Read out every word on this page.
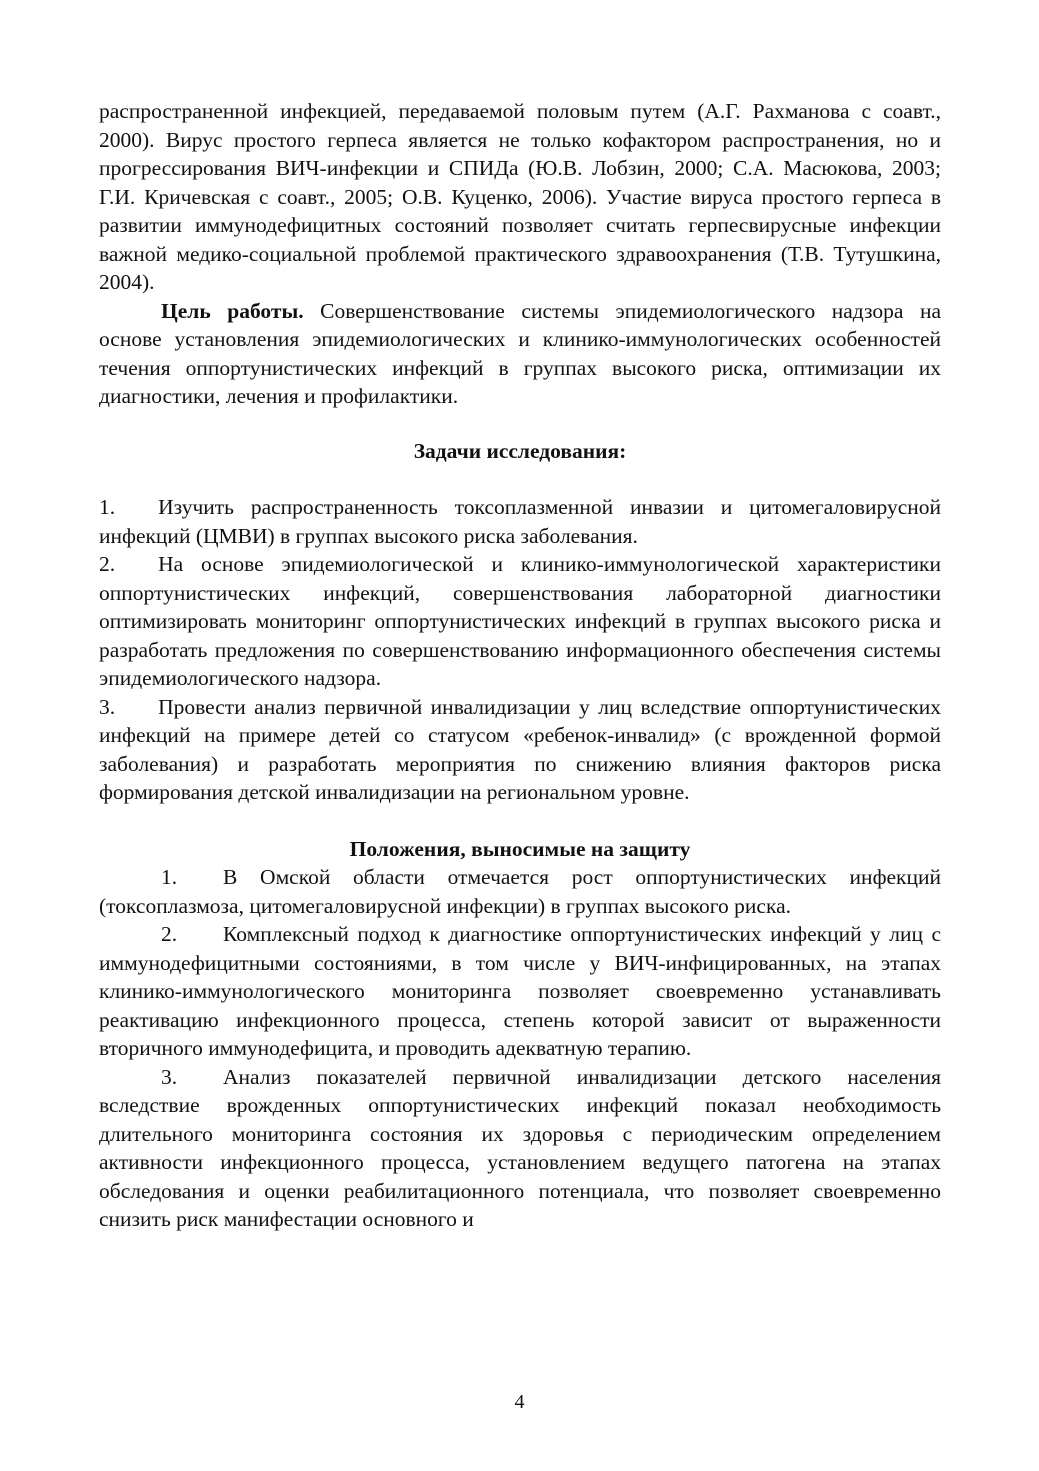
распространенной инфекцией, передаваемой половым путем (А.Г. Рахманова с соавт., 2000). Вирус простого герпеса является не только кофактором распространения, но и прогрессирования ВИЧ-инфекции и СПИДа (Ю.В. Лобзин, 2000; С.А. Масюкова, 2003; Г.И. Кричевская с соавт., 2005; О.В. Куценко, 2006). Участие вируса простого герпеса в развитии иммунодефицитных состояний позволяет считать герпесвирусные инфекции важной медико-социальной проблемой практического здравоохранения (Т.В. Тутушкина, 2004).

Цель работы. Совершенствование системы эпидемиологического надзора на основе установления эпидемиологических и клинико-иммунологических особенностей течения оппортунистических инфекций в группах высокого риска, оптимизации их диагностики, лечения и профилактики.

Задачи исследования:

1.  Изучить распространенность токсоплазменной инвазии и цитомегаловирусной инфекций (ЦМВИ) в группах высокого риска заболевания.

2.  На основе эпидемиологической и клинико-иммунологической характеристики оппортунистических инфекций, совершенствования лабораторной диагностики оптимизировать мониторинг оппортунистических инфекций в группах высокого риска и разработать предложения по совершенствованию информационного обеспечения системы эпидемиологического надзора.

3.  Провести анализ первичной инвалидизации у лиц вследствие оппортунистических инфекций на примере детей со статусом «ребенок-инвалид» (с врожденной формой заболевания) и разработать мероприятия по снижению влияния факторов риска формирования детской инвалидизации на региональном уровне.

Положения, выносимые на защиту

1. В Омской области отмечается рост оппортунистических инфекций (токсоплазмоза, цитомегаловирусной инфекции) в группах высокого риска.

2. Комплексный подход к диагностике оппортунистических инфекций у лиц с иммунодефицитными состояниями, в том числе у ВИЧ-инфицированных, на этапах клинико-иммунологического мониторинга позволяет своевременно устанавливать реактивацию инфекционного процесса, степень которой зависит от выраженности вторичного иммунодефицита, и проводить адекватную терапию.

3. Анализ показателей первичной инвалидизации детского населения вследствие врожденных оппортунистических инфекций показал необходимость длительного мониторинга состояния их здоровья с периодическим определением активности инфекционного процесса, установлением ведущего патогена на этапах обследования и оценки реабилитационного потенциала, что позволяет своевременно снизить риск манифестации основного и

4
